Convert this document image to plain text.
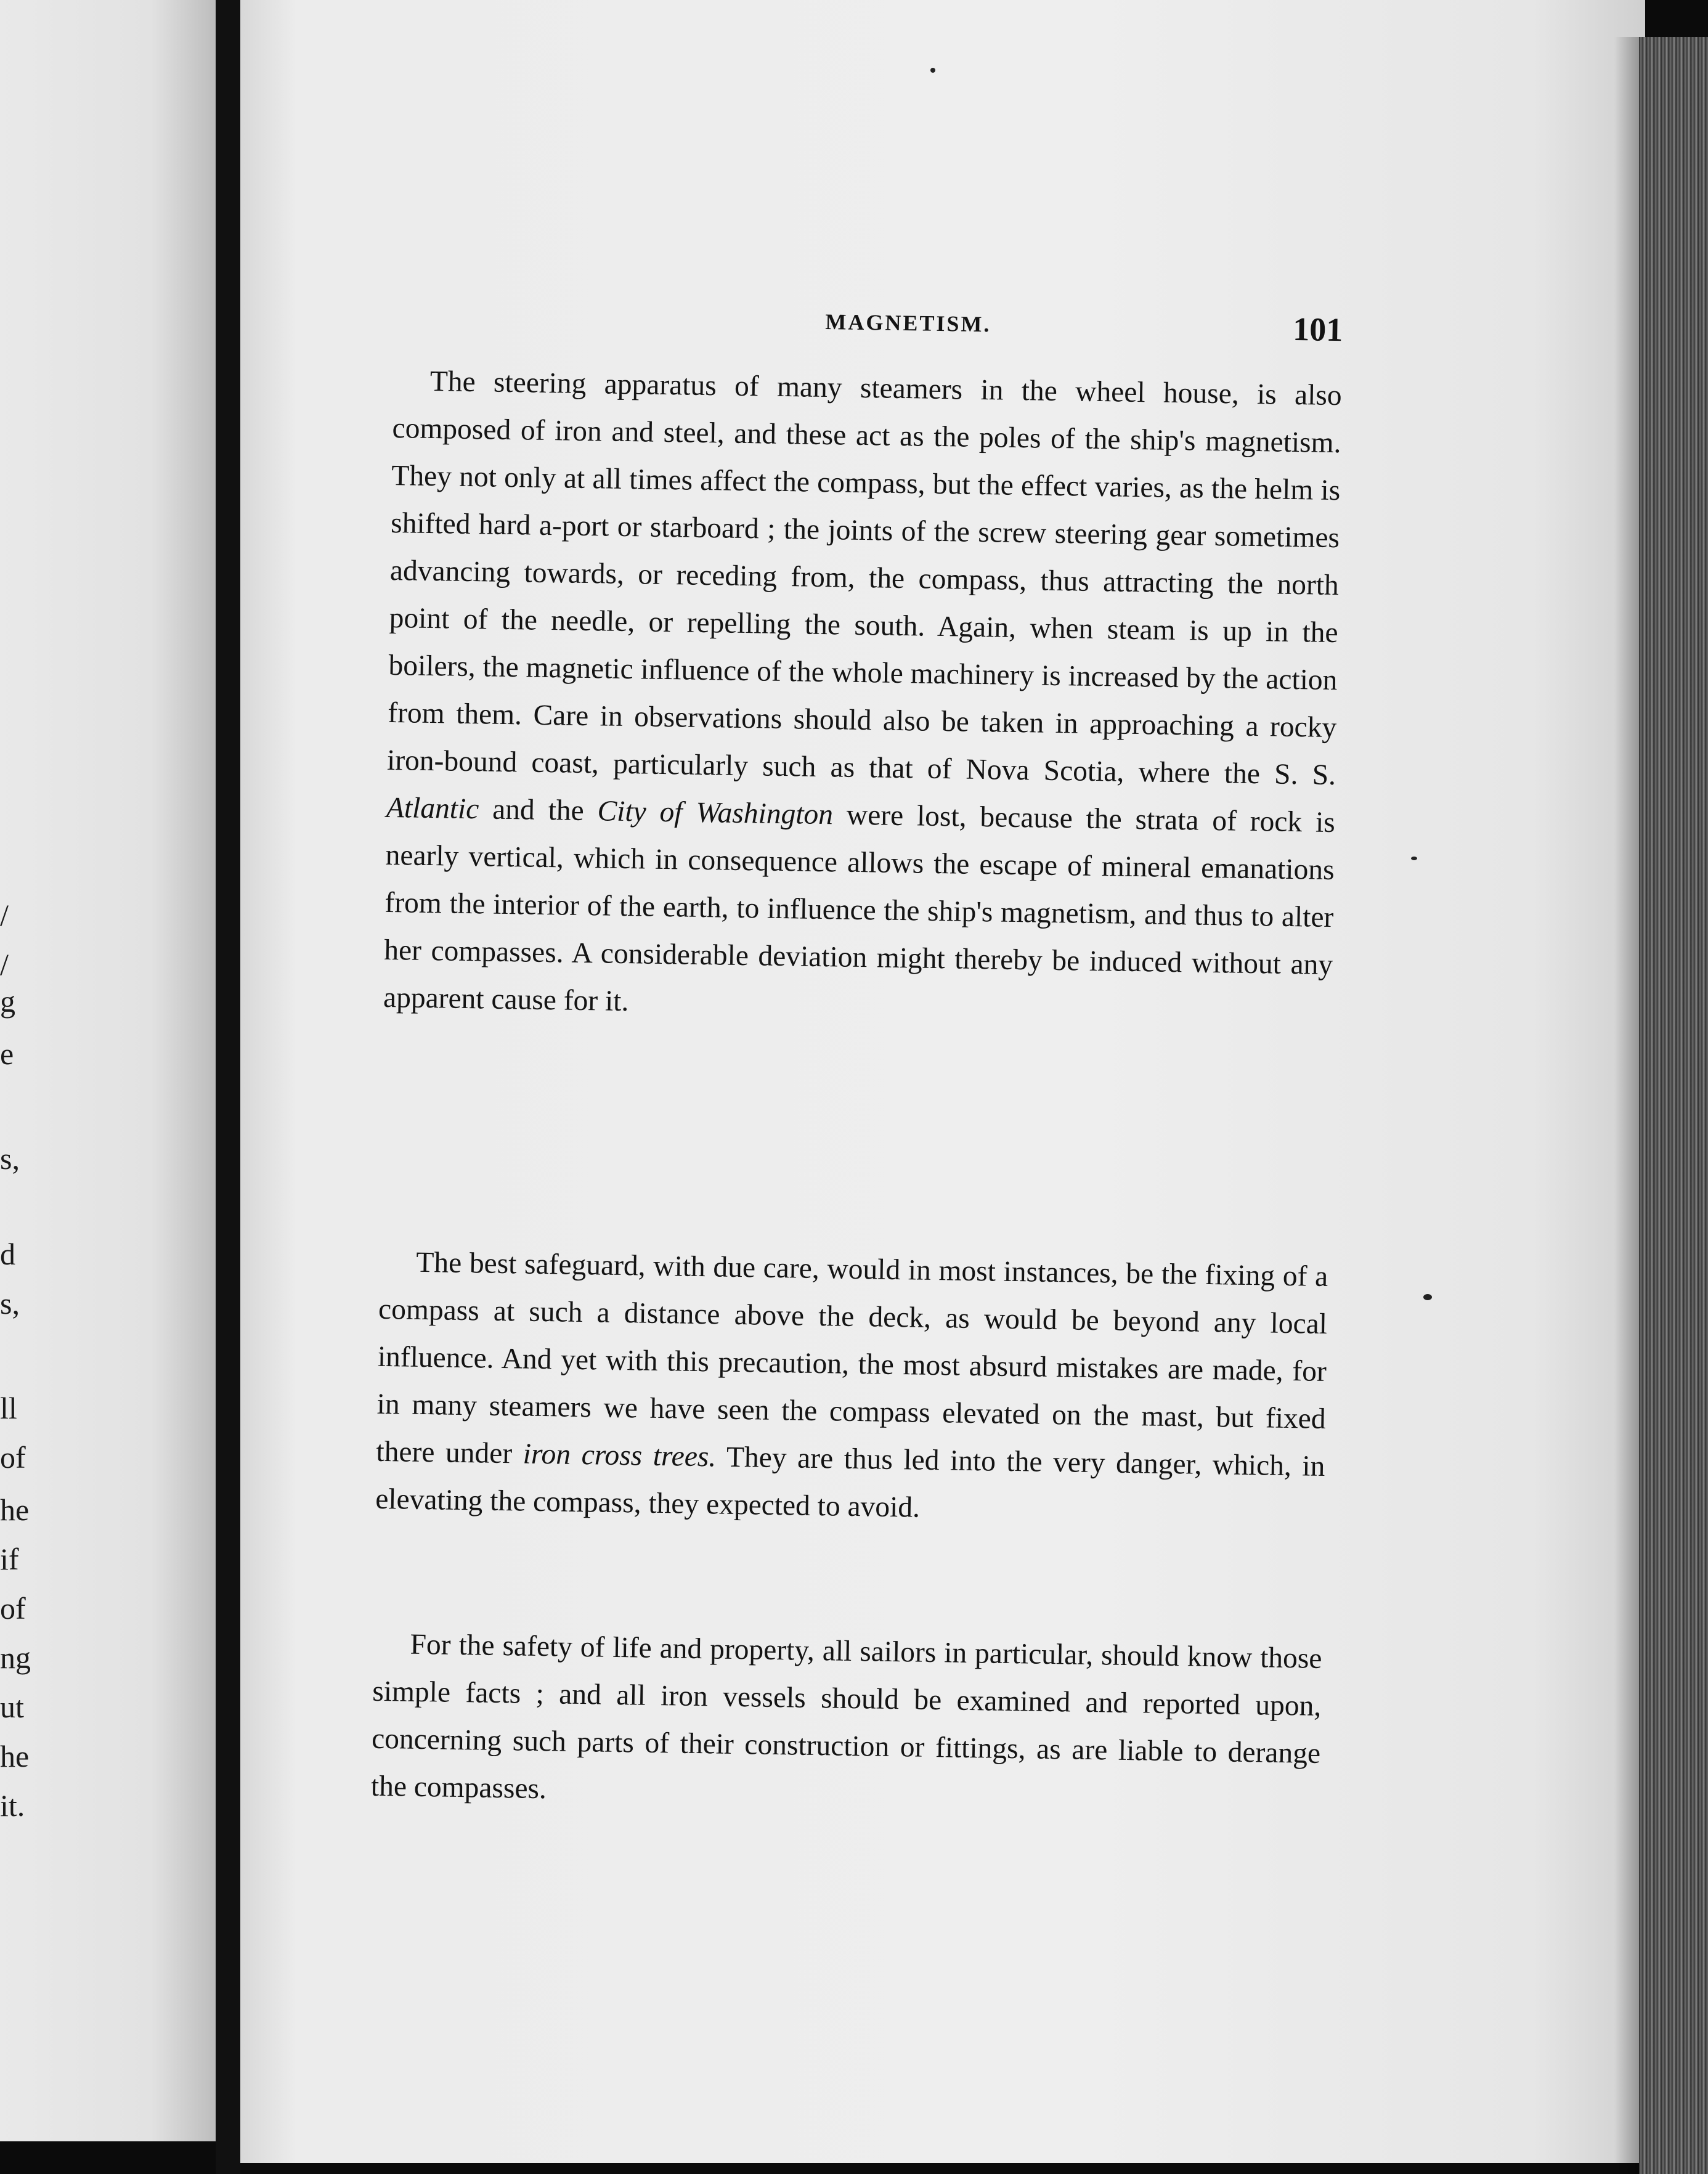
/
/
g
e
s,
d
s,
ll
of
he
if
of
ng
ut
he
it.
MAGNETISM.	101

The steering apparatus of many steamers in the wheel house, is also composed of iron and steel, and these act as the poles of the ship's magnetism. They not only at all times affect the compass, but the effect varies, as the helm is shifted hard a-port or starboard ; the joints of the screw steering gear sometimes advancing towards, or receding from, the compass, thus attracting the north point of the needle, or repelling the south. Again, when steam is up in the boilers, the magnetic influence of the whole machinery is increased by the action from them. Care in observations should also be taken in approaching a rocky iron-bound coast, particularly such as that of Nova Scotia, where the S. S. Atlantic and the City of Washington were lost, because the strata of rock is nearly vertical, which in consequence allows the escape of mineral emanations from the interior of the earth, to influence the ship's magnetism, and thus to alter her compasses. A considerable deviation might thereby be induced without any apparent cause for it.

The best safeguard, with due care, would in most instances, be the fixing of a compass at such a distance above the deck, as would be beyond any local influence. And yet with this precaution, the most absurd mistakes are made, for in many steamers we have seen the compass elevated on the mast, but fixed there under iron cross trees. They are thus led into the very danger, which, in elevating the compass, they expected to avoid.

For the safety of life and property, all sailors in particular, should know those simple facts ; and all iron vessels should be examined and reported upon, concerning such parts of their construction or fittings, as are liable to derange the compasses.
